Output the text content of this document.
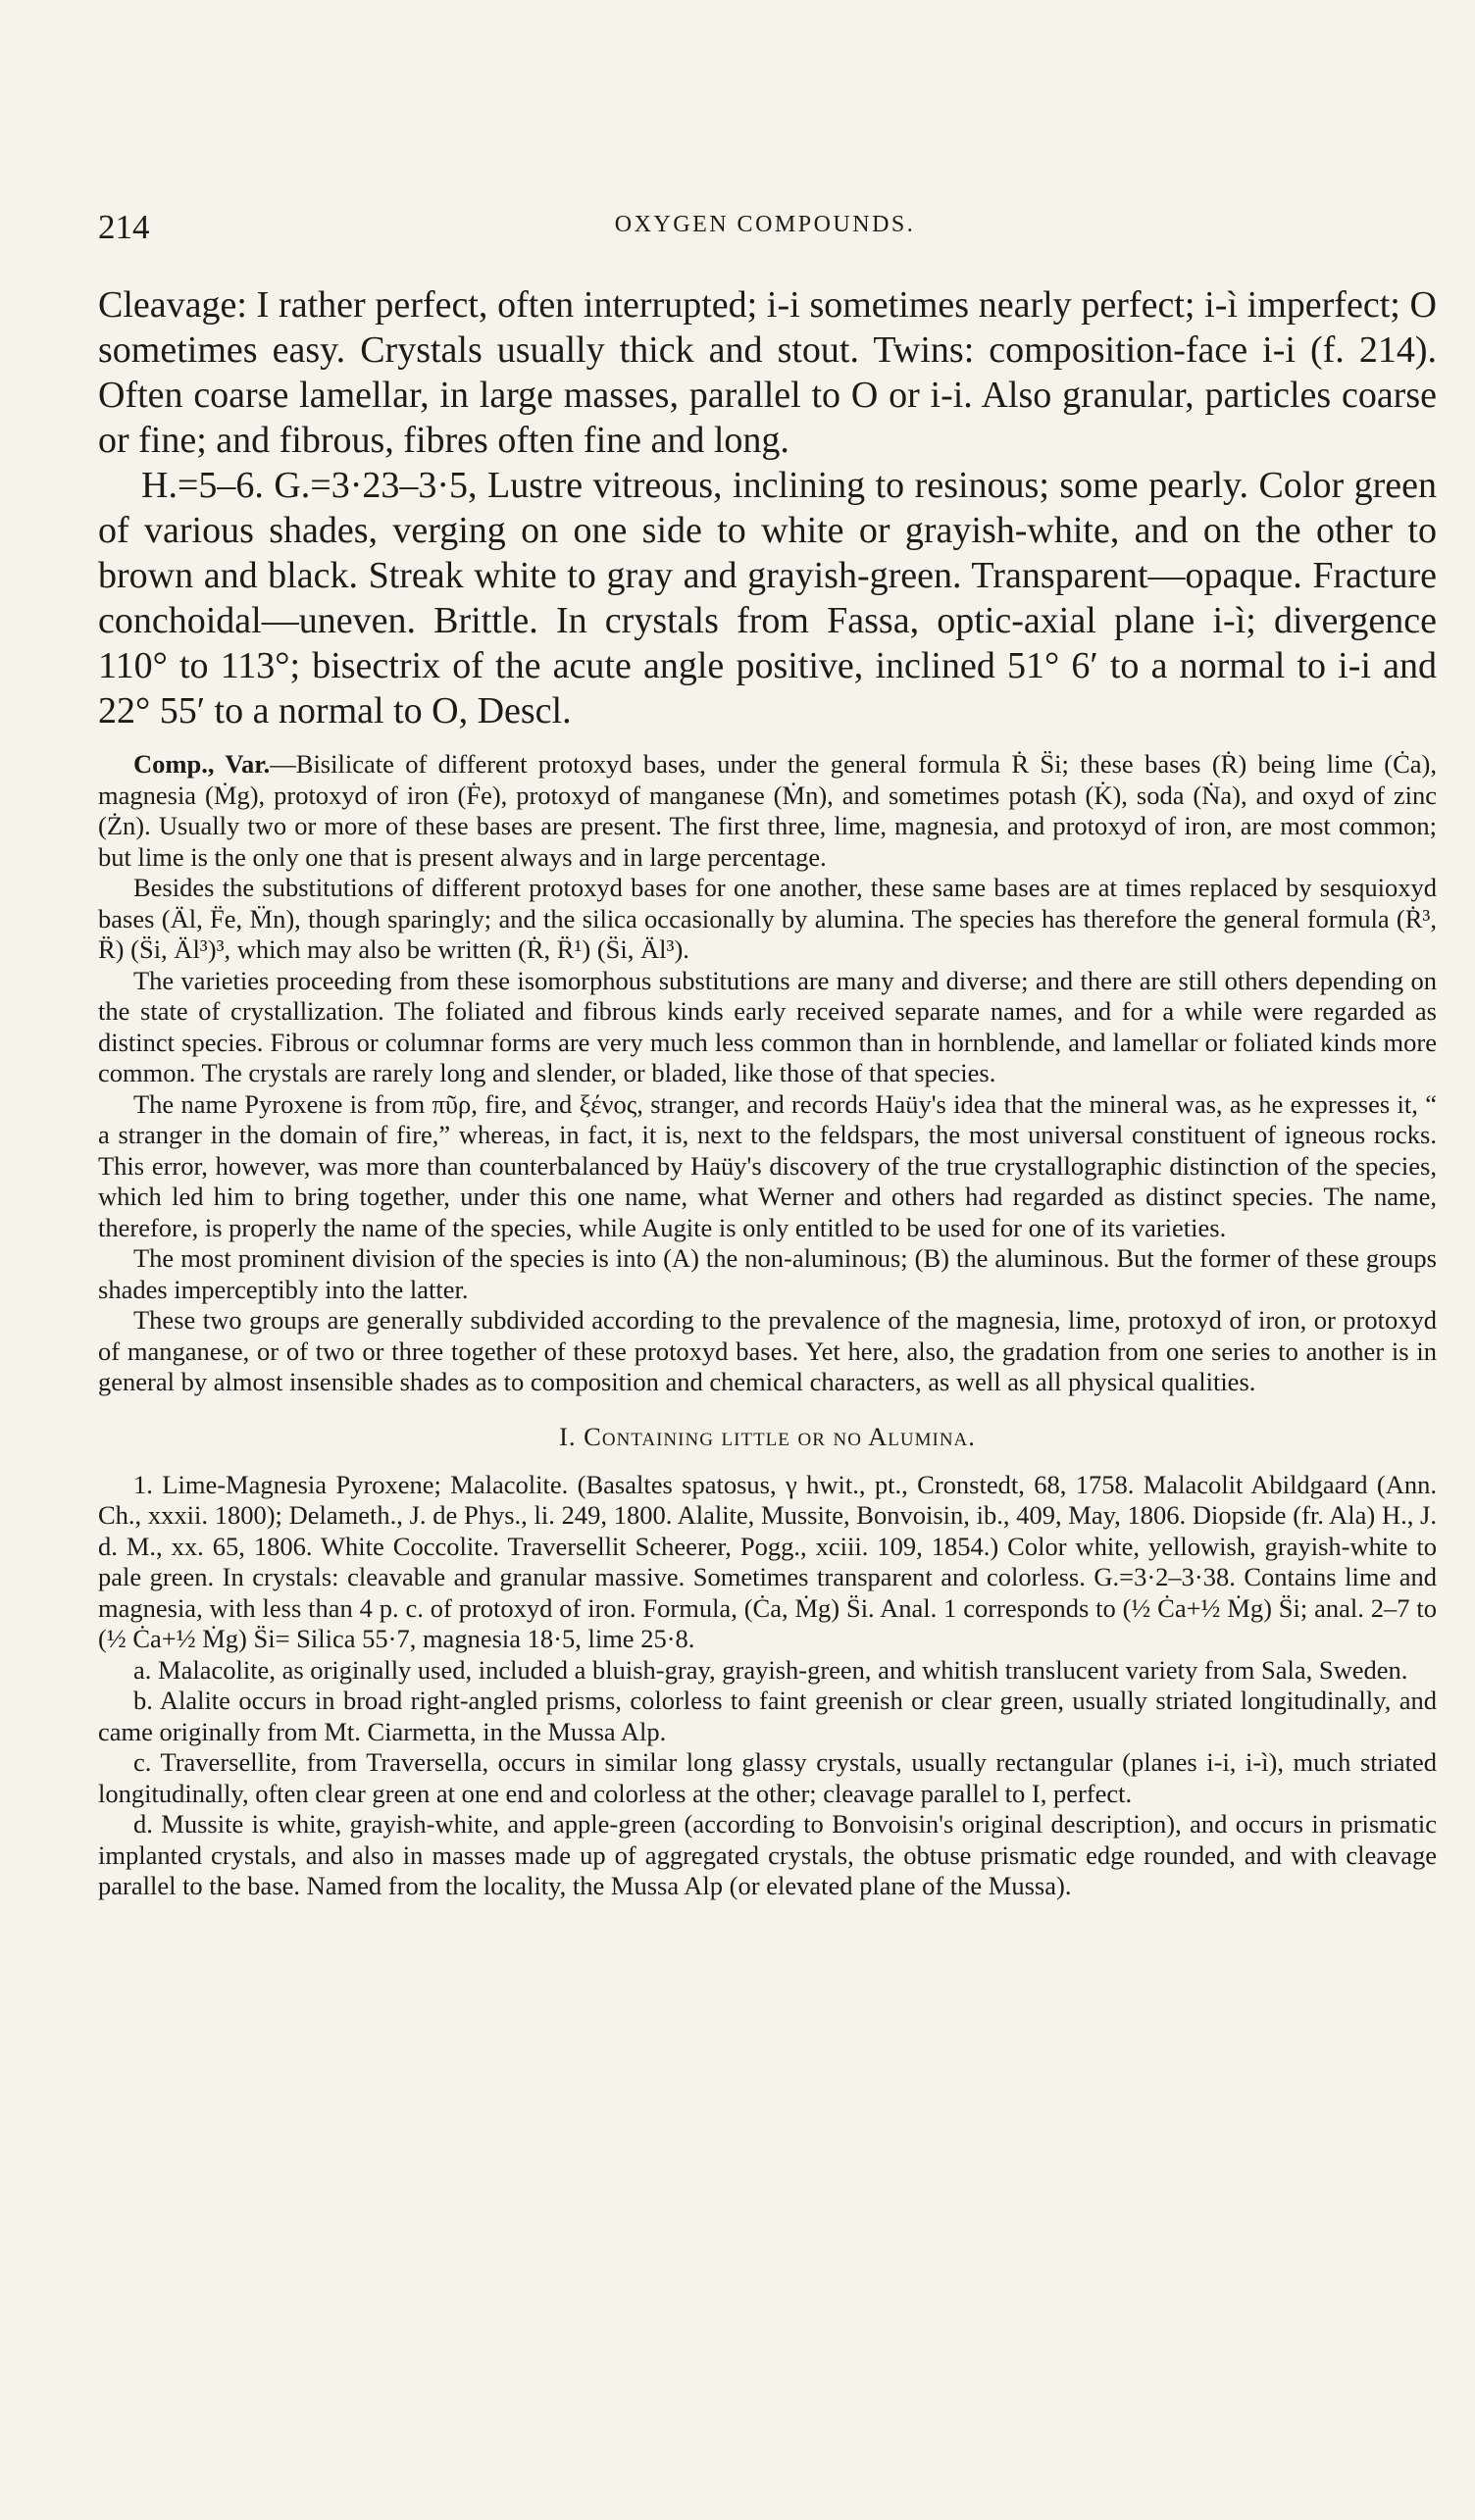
214	OXYGEN COMPOUNDS.

Cleavage: I rather perfect, often interrupted; i-i sometimes nearly perfect; i-ì imperfect; O sometimes easy. Crystals usually thick and stout. Twins: composition-face i-i (f. 214). Often coarse lamellar, in large masses, parallel to O or i-i. Also granular, particles coarse or fine; and fibrous, fibres often fine and long.

H.=5–6. G.=3·23–3·5, Lustre vitreous, inclining to resinous; some pearly. Color green of various shades, verging on one side to white or grayish-white, and on the other to brown and black. Streak white to gray and grayish-green. Transparent—opaque. Fracture conchoidal—uneven. Brittle. In crystals from Fassa, optic-axial plane i-ì; divergence 110° to 113°; bisectrix of the acute angle positive, inclined 51° 6′ to a normal to i-i and 22° 55′ to a normal to O, Descl.

Comp., Var.—Bisilicate of different protoxyd bases, under the general formula Ṙ S̈i; these bases (Ṙ) being lime (Ċa), magnesia (Ṁg), protoxyd of iron (Ḟe), protoxyd of manganese (Ṁn), and sometimes potash (K̇), soda (Ṅa), and oxyd of zinc (Żn). Usually two or more of these bases are present. The first three, lime, magnesia, and protoxyd of iron, are most common; but lime is the only one that is present always and in large percentage.

Besides the substitutions of different protoxyd bases for one another, these same bases are at times replaced by sesquioxyd bases (Äl, F̈e, M̈n), though sparingly; and the silica occasionally by alumina. The species has therefore the general formula (Ṙ³, R̈) (S̈i, Äl³)³, which may also be written (Ṙ, R̈¹) (S̈i, Äl³).

The varieties proceeding from these isomorphous substitutions are many and diverse; and there are still others depending on the state of crystallization. The foliated and fibrous kinds early received separate names, and for a while were regarded as distinct species. Fibrous or columnar forms are very much less common than in hornblende, and lamellar or foliated kinds more common. The crystals are rarely long and slender, or bladed, like those of that species.

The name Pyroxene is from πῦρ, fire, and ξένος, stranger, and records Haüy's idea that the mineral was, as he expresses it, “ a stranger in the domain of fire,” whereas, in fact, it is, next to the feldspars, the most universal constituent of igneous rocks. This error, however, was more than counterbalanced by Haüy's discovery of the true crystallographic distinction of the species, which led him to bring together, under this one name, what Werner and others had regarded as distinct species. The name, therefore, is properly the name of the species, while Augite is only entitled to be used for one of its varieties.

The most prominent division of the species is into (A) the non-aluminous; (B) the aluminous. But the former of these groups shades imperceptibly into the latter.

These two groups are generally subdivided according to the prevalence of the magnesia, lime, protoxyd of iron, or protoxyd of manganese, or of two or three together of these protoxyd bases. Yet here, also, the gradation from one series to another is in general by almost insensible shades as to composition and chemical characters, as well as all physical qualities.

I. Containing little or no Alumina.

1. Lime-Magnesia Pyroxene; Malacolite. (Basaltes spatosus, γ hwit., pt., Cronstedt, 68, 1758. Malacolit Abildgaard (Ann. Ch., xxxii. 1800); Delameth., J. de Phys., li. 249, 1800. Alalite, Mussite, Bonvoisin, ib., 409, May, 1806. Diopside (fr. Ala) H., J. d. M., xx. 65, 1806. White Coccolite. Traversellit Scheerer, Pogg., xciii. 109, 1854.) Color white, yellowish, grayish-white to pale green. In crystals: cleavable and granular massive. Sometimes transparent and colorless. G.=3·2–3·38. Contains lime and magnesia, with less than 4 p. c. of protoxyd of iron. Formula, (Ċa, Ṁg) S̈i. Anal. 1 corresponds to (½ Ċa+½ Ṁg) S̈i; anal. 2–7 to (½ Ċa+½ Ṁg) S̈i= Silica 55·7, magnesia 18·5, lime 25·8.

a. Malacolite, as originally used, included a bluish-gray, grayish-green, and whitish translucent variety from Sala, Sweden.

b. Alalite occurs in broad right-angled prisms, colorless to faint greenish or clear green, usually striated longitudinally, and came originally from Mt. Ciarmetta, in the Mussa Alp.

c. Traversellite, from Traversella, occurs in similar long glassy crystals, usually rectangular (planes i-i, i-ì), much striated longitudinally, often clear green at one end and colorless at the other; cleavage parallel to I, perfect.

d. Mussite is white, grayish-white, and apple-green (according to Bonvoisin's original description), and occurs in prismatic implanted crystals, and also in masses made up of aggregated crystals, the obtuse prismatic edge rounded, and with cleavage parallel to the base. Named from the locality, the Mussa Alp (or elevated plane of the Mussa).
